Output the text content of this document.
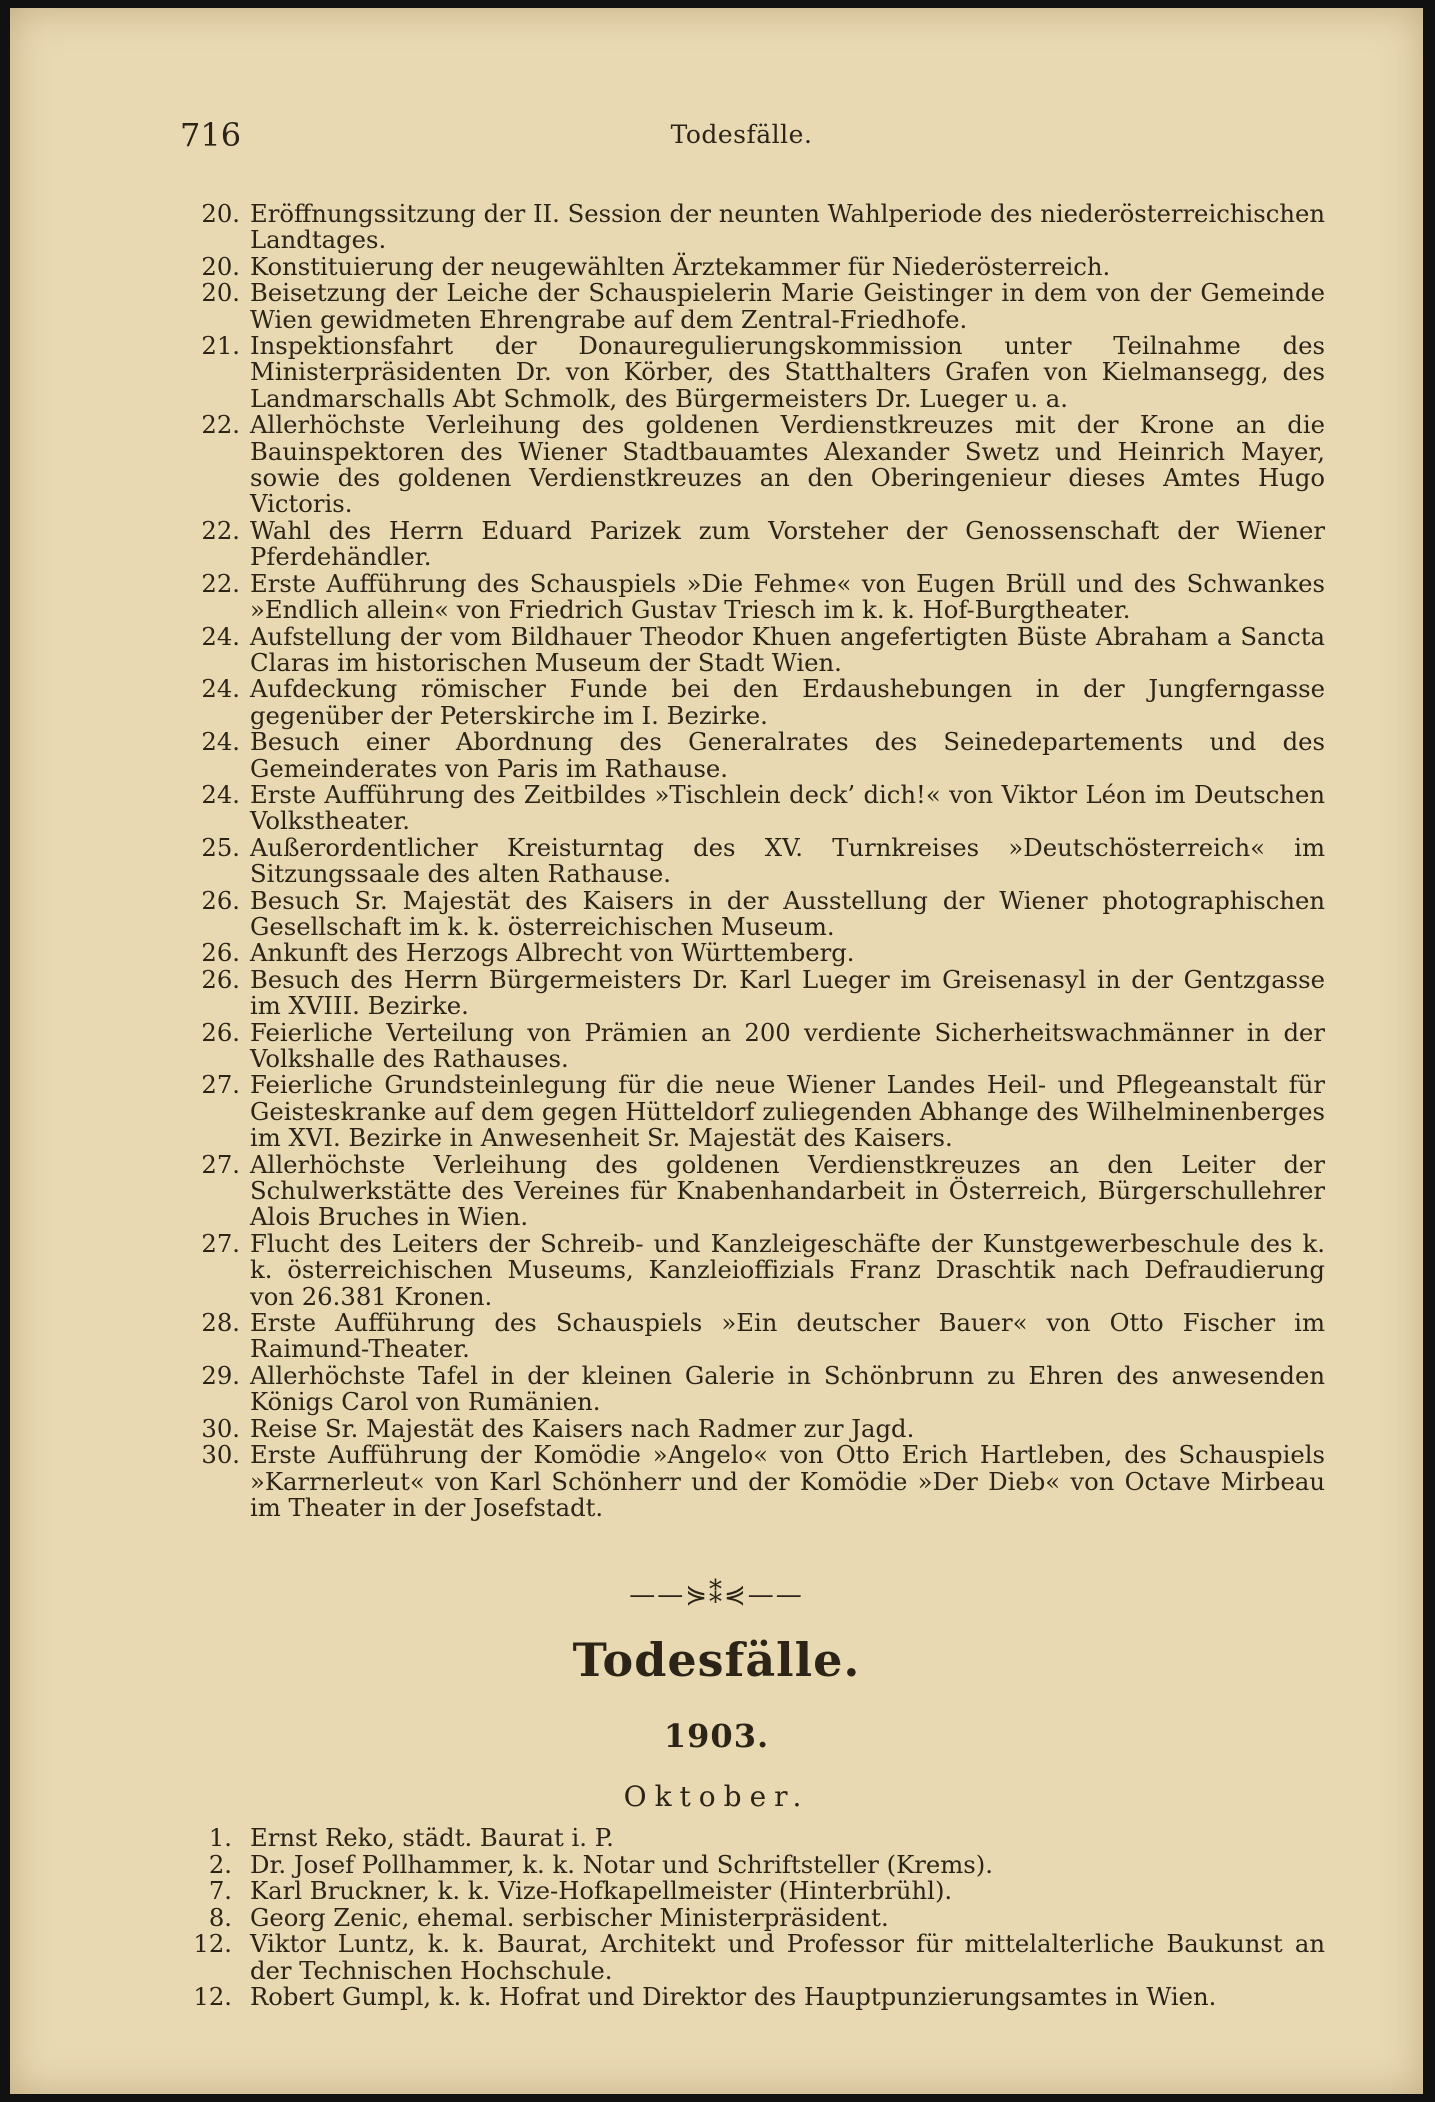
716	Todesfälle.
20. Eröffnungssitzung der II. Session der neunten Wahlperiode des niederösterreichischen Landtages.
20. Konstituierung der neugewählten Ärztekammer für Niederösterreich.
20. Beisetzung der Leiche der Schauspielerin Marie Geistinger in dem von der Gemeinde Wien gewidmeten Ehrengrabe auf dem Zentral-Friedhofe.
21. Inspektionsfahrt der Donauregulierungskommission unter Teilnahme des Ministerpräsidenten Dr. von Körber, des Statthalters Grafen von Kielmansegg, des Landmarschalls Abt Schmolk, des Bürgermeisters Dr. Lueger u. a.
22. Allerhöchste Verleihung des goldenen Verdienstkreuzes mit der Krone an die Bauinspektoren des Wiener Stadtbauamtes Alexander Swetz und Heinrich Mayer, sowie des goldenen Verdienstkreuzes an den Oberingenieur dieses Amtes Hugo Victoris.
22. Wahl des Herrn Eduard Parizek zum Vorsteher der Genossenschaft der Wiener Pferdehändler.
22. Erste Aufführung des Schauspiels »Die Fehme« von Eugen Brüll und des Schwankes »Endlich allein« von Friedrich Gustav Triesch im k. k. Hof-Burgtheater.
24. Aufstellung der vom Bildhauer Theodor Khuen angefertigten Büste Abraham a Sancta Claras im historischen Museum der Stadt Wien.
24. Aufdeckung römischer Funde bei den Erdaushebungen in der Jungferngasse gegenüber der Peterskirche im I. Bezirke.
24. Besuch einer Abordnung des Generalrates des Seinedepartements und des Gemeinderates von Paris im Rathause.
24. Erste Aufführung des Zeitbildes »Tischlein deck’ dich!« von Viktor Léon im Deutschen Volkstheater.
25. Außerordentlicher Kreisturntag des XV. Turnkreises »Deutschösterreich« im Sitzungssaale des alten Rathause.
26. Besuch Sr. Majestät des Kaisers in der Ausstellung der Wiener photographischen Gesellschaft im k. k. österreichischen Museum.
26. Ankunft des Herzogs Albrecht von Württemberg.
26. Besuch des Herrn Bürgermeisters Dr. Karl Lueger im Greisenasyl in der Gentzgasse im XVIII. Bezirke.
26. Feierliche Verteilung von Prämien an 200 verdiente Sicherheitswachmänner in der Volkshalle des Rathauses.
27. Feierliche Grundsteinlegung für die neue Wiener Landes Heil- und Pflegeanstalt für Geisteskranke auf dem gegen Hütteldorf zuliegenden Abhange des Wilhelminenberges im XVI. Bezirke in Anwesenheit Sr. Majestät des Kaisers.
27. Allerhöchste Verleihung des goldenen Verdienstkreuzes an den Leiter der Schulwerkstätte des Vereines für Knabenhandarbeit in Österreich, Bürgerschullehrer Alois Bruches in Wien.
27. Flucht des Leiters der Schreib- und Kanzleigeschäfte der Kunstgewerbeschule des k. k. österreichischen Museums, Kanzleioffizials Franz Draschtik nach Defraudierung von 26.381 Kronen.
28. Erste Aufführung des Schauspiels »Ein deutscher Bauer« von Otto Fischer im Raimund-Theater.
29. Allerhöchste Tafel in der kleinen Galerie in Schönbrunn zu Ehren des anwesenden Königs Carol von Rumänien.
30. Reise Sr. Majestät des Kaisers nach Radmer zur Jagd.
30. Erste Aufführung der Komödie »Angelo« von Otto Erich Hartleben, des Schauspiels »Karrnerleut« von Karl Schönherr und der Komödie »Der Dieb« von Octave Mirbeau im Theater in der Josefstadt.
——⋟⁑⋞——
Todesfälle.
1903.
Oktober.
1. Ernst Reko, städt. Baurat i. P.
2. Dr. Josef Pollhammer, k. k. Notar und Schriftsteller (Krems).
7. Karl Bruckner, k. k. Vize-Hofkapellmeister (Hinterbrühl).
8. Georg Zenic, ehemal. serbischer Ministerpräsident.
12. Viktor Luntz, k. k. Baurat, Architekt und Professor für mittelalterliche Baukunst an der Technischen Hochschule.
12. Robert Gumpl, k. k. Hofrat und Direktor des Hauptpunzierungsamtes in Wien.
